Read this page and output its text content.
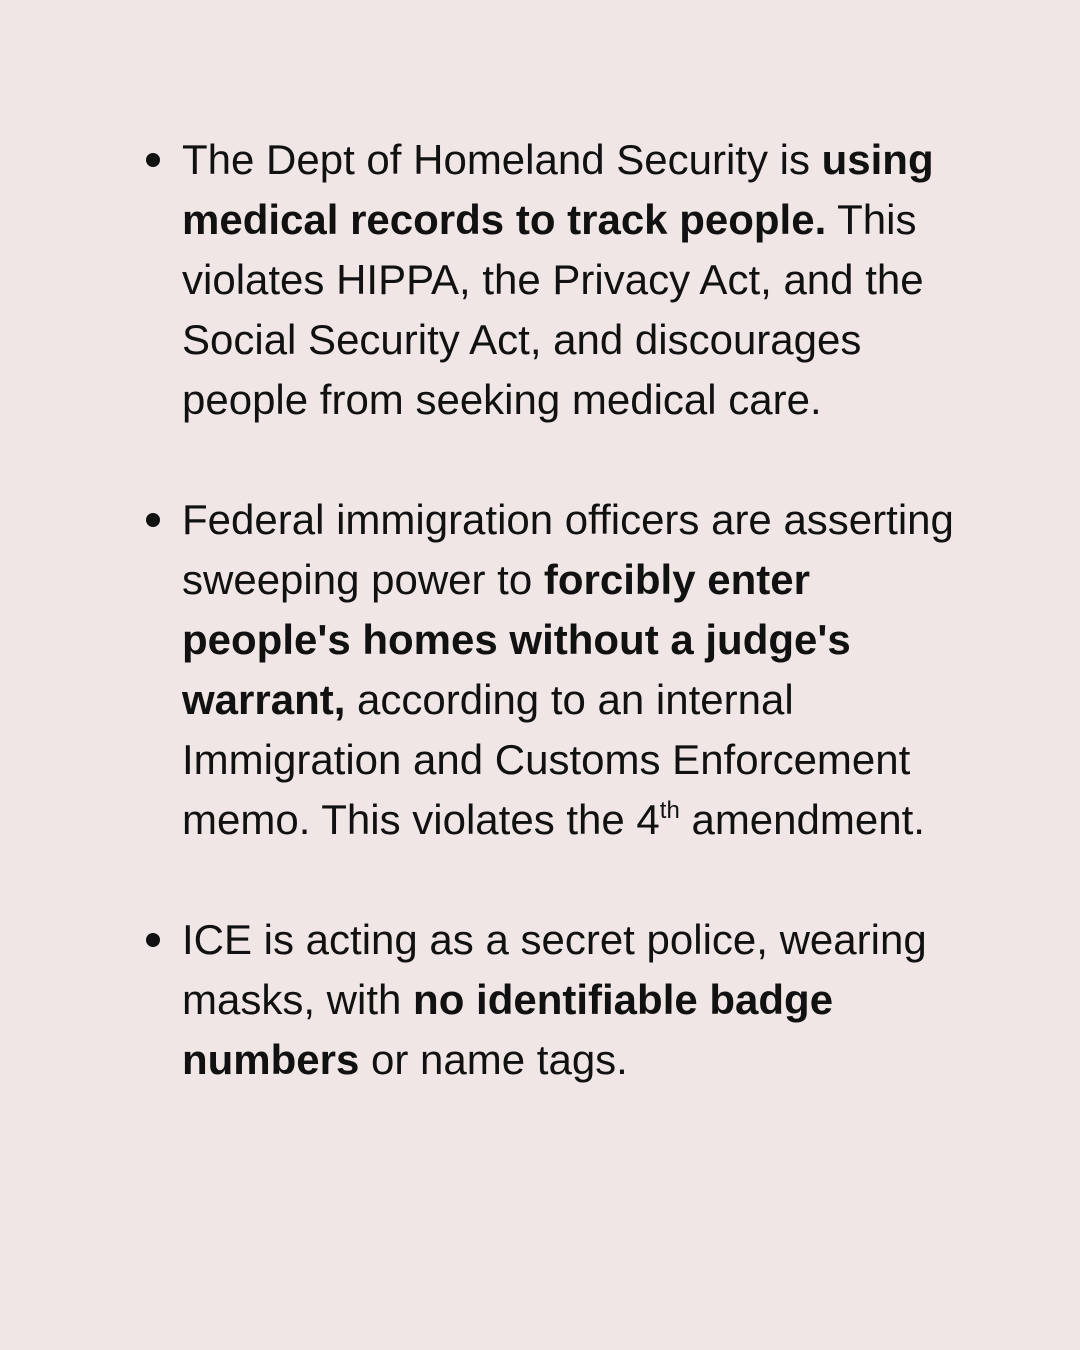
The Dept of Homeland Security is using medical records to track people. This violates HIPPA, the Privacy Act, and the Social Security Act, and discourages people from seeking medical care.

Federal immigration officers are asserting sweeping power to forcibly enter people's homes without a judge's warrant, according to an internal Immigration and Customs Enforcement memo. This violates the 4th amendment.

ICE is acting as a secret police, wearing masks, with no identifiable badge numbers or name tags.
